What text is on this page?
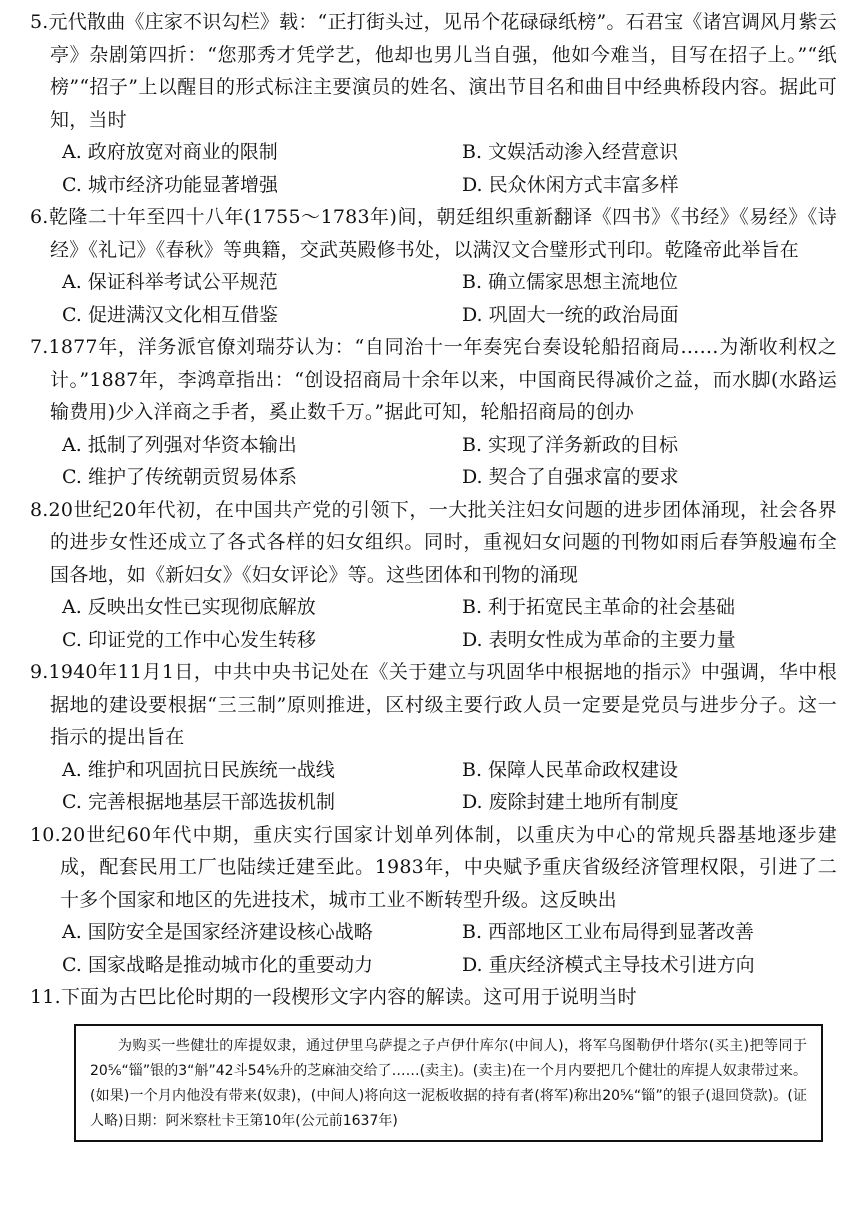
5.元代散曲《庄家不识勾栏》载：“正打街头过，见吊个花碌碌纸榜”。石君宝《诸宫调风月紫云亭》杂剧第四折：“您那秀才凭学艺，他却也男儿当自强，他如今难当，目写在招子上。”“纸榜”“招子”上以醒目的形式标注主要演员的姓名、演出节目名和曲目中经典桥段内容。据此可知，当时
A. 政府放宽对商业的限制	B. 文娱活动渗入经营意识
C. 城市经济功能显著增强	D. 民众休闲方式丰富多样
6.乾隆二十年至四十八年(1755～1783年)间，朝廷组织重新翻译《四书》《书经》《易经》《诗经》《礼记》《春秋》等典籍，交武英殿修书处，以满汉文合璧形式刊印。乾隆帝此举旨在
A. 保证科举考试公平规范	B. 确立儒家思想主流地位
C. 促进满汉文化相互借鉴	D. 巩固大一统的政治局面
7.1877年，洋务派官僚刘瑞芬认为：“自同治十一年奏宪台奏设轮船招商局……为渐收利权之计。”1887年，李鸿章指出：“创设招商局十余年以来，中国商民得减价之益，而水脚(水路运输费用)少入洋商之手者，奚止数千万。”据此可知，轮船招商局的创办
A. 抵制了列强对华资本输出	B. 实现了洋务新政的目标
C. 维护了传统朝贡贸易体系	D. 契合了自强求富的要求
8.20世纪20年代初，在中国共产党的引领下，一大批关注妇女问题的进步团体涌现，社会各界的进步女性还成立了各式各样的妇女组织。同时，重视妇女问题的刊物如雨后春笋般遍布全国各地，如《新妇女》《妇女评论》等。这些团体和刊物的涌现
A. 反映出女性已实现彻底解放	B. 利于拓宽民主革命的社会基础
C. 印证党的工作中心发生转移	D. 表明女性成为革命的主要力量
9.1940年11月1日，中共中央书记处在《关于建立与巩固华中根据地的指示》中强调，华中根据地的建设要根据“三三制”原则推进，区村级主要行政人员一定要是党员与进步分子。这一指示的提出旨在
A. 维护和巩固抗日民族统一战线	B. 保障人民革命政权建设
C. 完善根据地基层干部选拔机制	D. 废除封建土地所有制度
10.20世纪60年代中期，重庆实行国家计划单列体制，以重庆为中心的常规兵器基地逐步建成，配套民用工厂也陆续迁建至此。1983年，中央赋予重庆省级经济管理权限，引进了二十多个国家和地区的先进技术，城市工业不断转型升级。这反映出
A. 国防安全是国家经济建设核心战略	B. 西部地区工业布局得到显著改善
C. 国家战略是推动城市化的重要动力	D. 重庆经济模式主导技术引进方向
11.下面为古巴比伦时期的一段楔形文字内容的解读。这可用于说明当时
为购买一些健壮的库提奴隶，通过伊里乌萨提之子卢伊什库尔(中间人)，将军乌图勒伊什塔尔(买主)把等同于20⅚“锱”银的3“斛”42斗54⅚升的芝麻油交给了……(卖主)。(卖主)在一个月内要把几个健壮的库提人奴隶带过来。(如果)一个月内他没有带来(奴隶)，(中间人)将向这一泥板收据的持有者(将军)称出20⅚“锱”的银子(退回贷款)。(证人略)日期：阿米察杜卡王第10年(公元前1637年)
